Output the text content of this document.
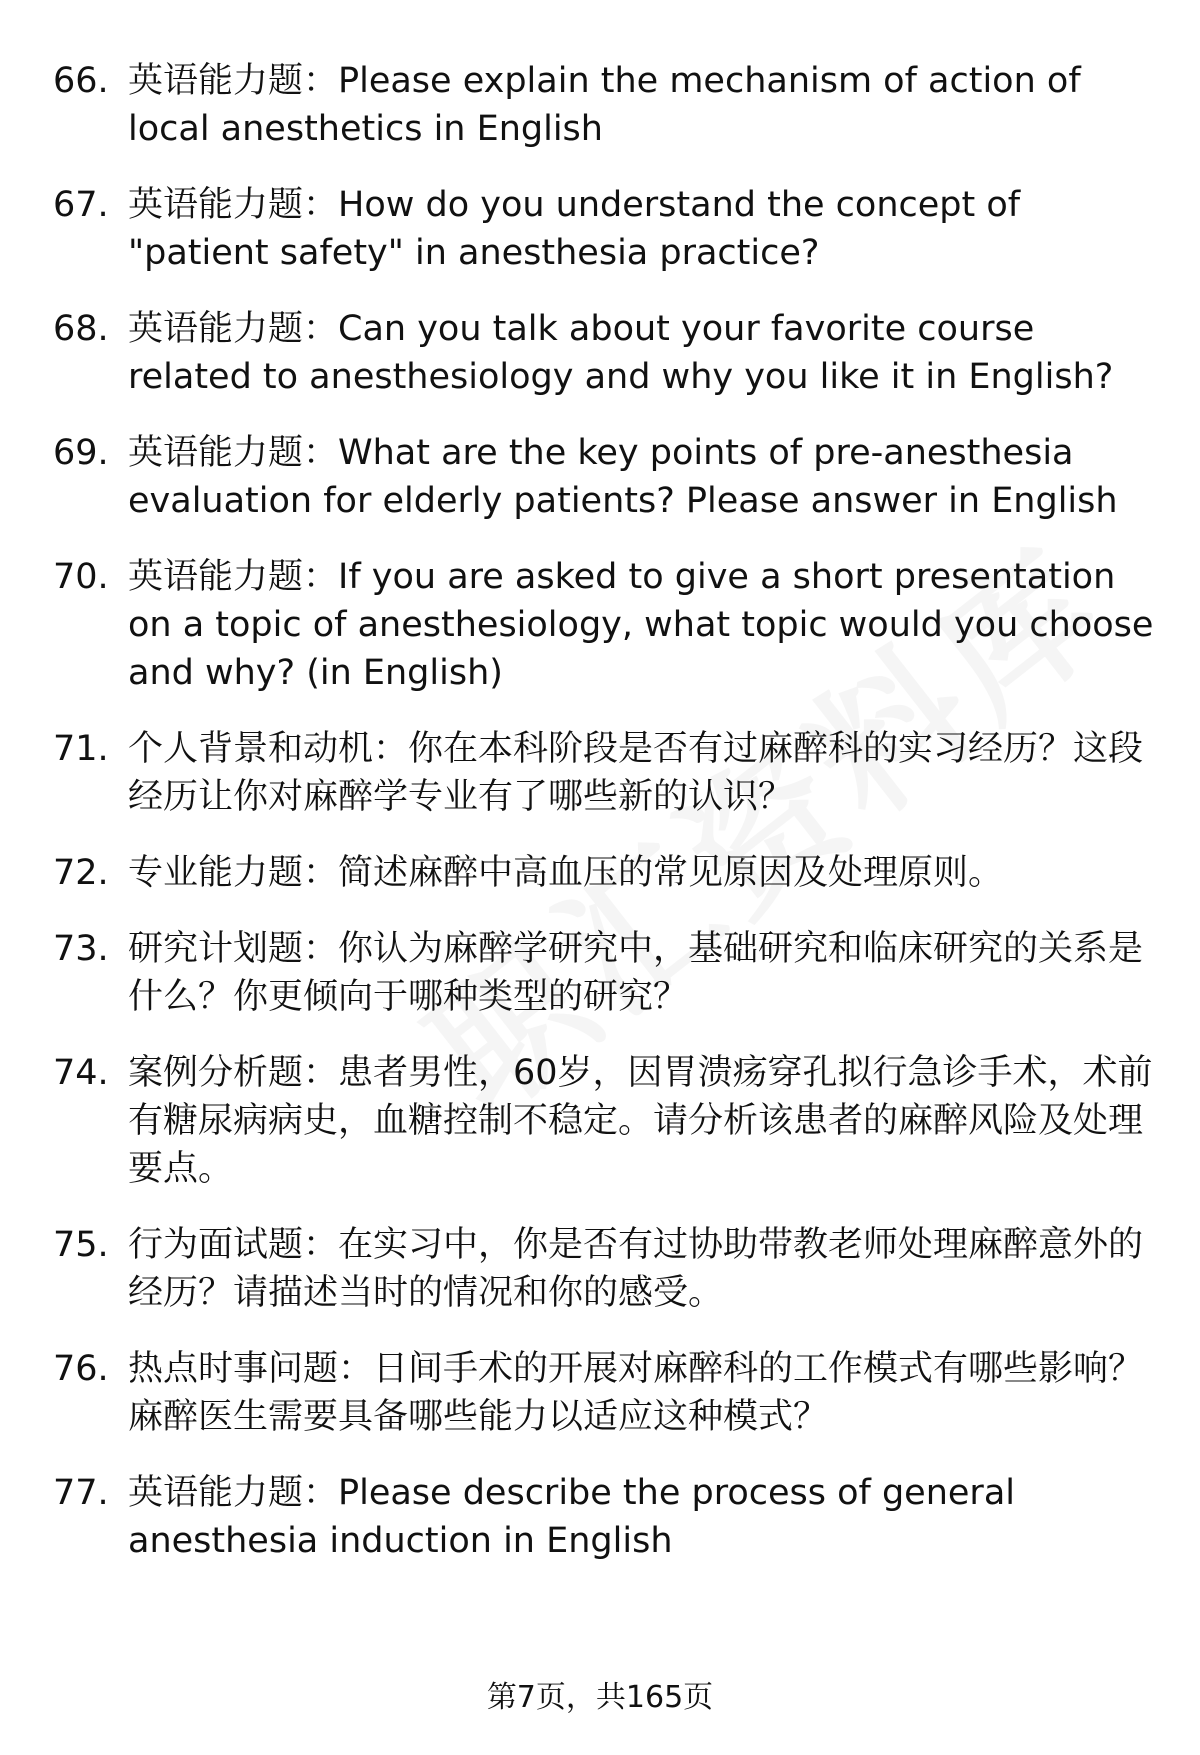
66. 英语能力题：Please explain the mechanism of action of local anesthetics in English
67. 英语能力题：How do you understand the concept of "patient safety" in anesthesia practice?
68. 英语能力题：Can you talk about your favorite course related to anesthesiology and why you like it in English?
69. 英语能力题：What are the key points of pre-anesthesia evaluation for elderly patients? Please answer in English
70. 英语能力题：If you are asked to give a short presentation on a topic of anesthesiology, what topic would you choose and why? (in English)
71. 个人背景和动机：你在本科阶段是否有过麻醉科的实习经历？这段经历让你对麻醉学专业有了哪些新的认识？
72. 专业能力题：简述麻醉中高血压的常见原因及处理原则。
73. 研究计划题：你认为麻醉学研究中，基础研究和临床研究的关系是什么？你更倾向于哪种类型的研究？
74. 案例分析题：患者男性，60岁，因胃溃疡穿孔拟行急诊手术，术前有糖尿病病史，血糖控制不稳定。请分析该患者的麻醉风险及处理要点。
75. 行为面试题：在实习中，你是否有过协助带教老师处理麻醉意外的经历？请描述当时的情况和你的感受。
76. 热点时事问题：日间手术的开展对麻醉科的工作模式有哪些影响？麻醉医生需要具备哪些能力以适应这种模式？
77. 英语能力题：Please describe the process of general anesthesia induction in English
第7页，共165页
